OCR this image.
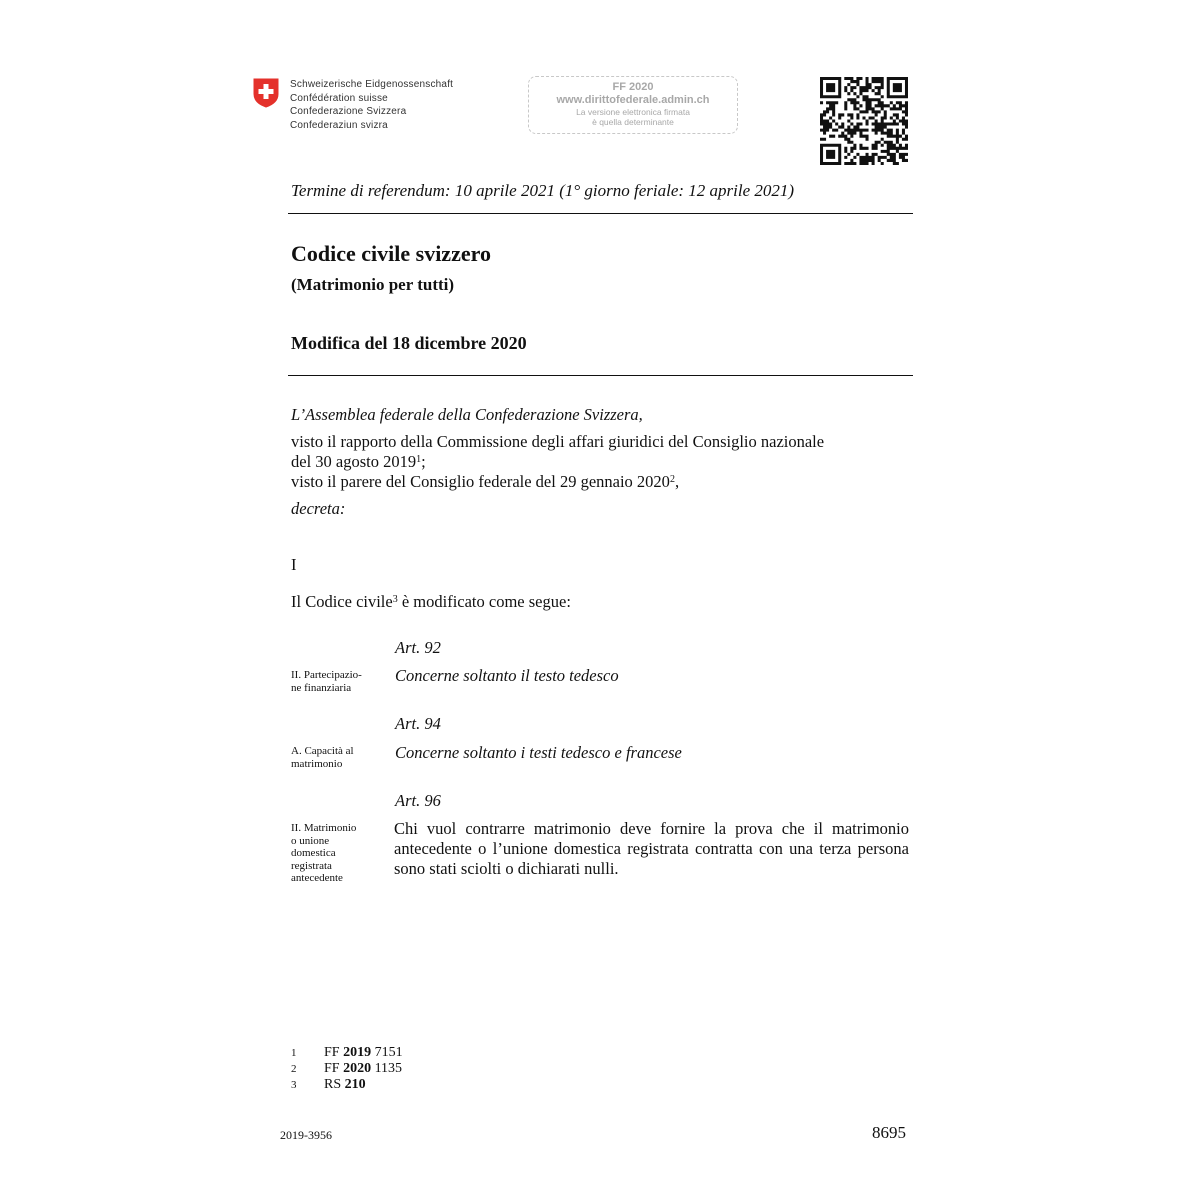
Schweizerische Eidgenossenschaft
Confédération suisse
Confederazione Svizzera
Confederaziun svizra
FF 2020
www.dirittofederale.admin.ch
La versione elettronica firmata
è quella determinante
Termine di referendum: 10 aprile 2021 (1° giorno feriale: 12 aprile 2021)
Codice civile svizzero
(Matrimonio per tutti)
Modifica del 18 dicembre 2020
L’Assemblea federale della Confederazione Svizzera,
visto il rapporto della Commissione degli affari giuridici del Consiglio nazionale
del 30 agosto 2019$^1$;
visto il parere del Consiglio federale del 29 gennaio 2020$^2$,
decreta:
I
Il Codice civile$^3$ è modificato come segue:
Art. 92
II. Partecipazio-
ne finanziaria
Concerne soltanto il testo tedesco
Art. 94
A. Capacità al
matrimonio
Concerne soltanto i testi tedesco e francese
Art. 96
II. Matrimonio
o unione
domestica
registrata
antecedente
Chi vuol contrarre matrimonio deve fornire la prova che il matrimonio antecedente o l’unione domestica registrata contratta con una terza persona sono stati sciolti o dichiarati nulli.
1	FF 2019 7151
2	FF 2020 1135
3	RS 210
2019-3956	8695
